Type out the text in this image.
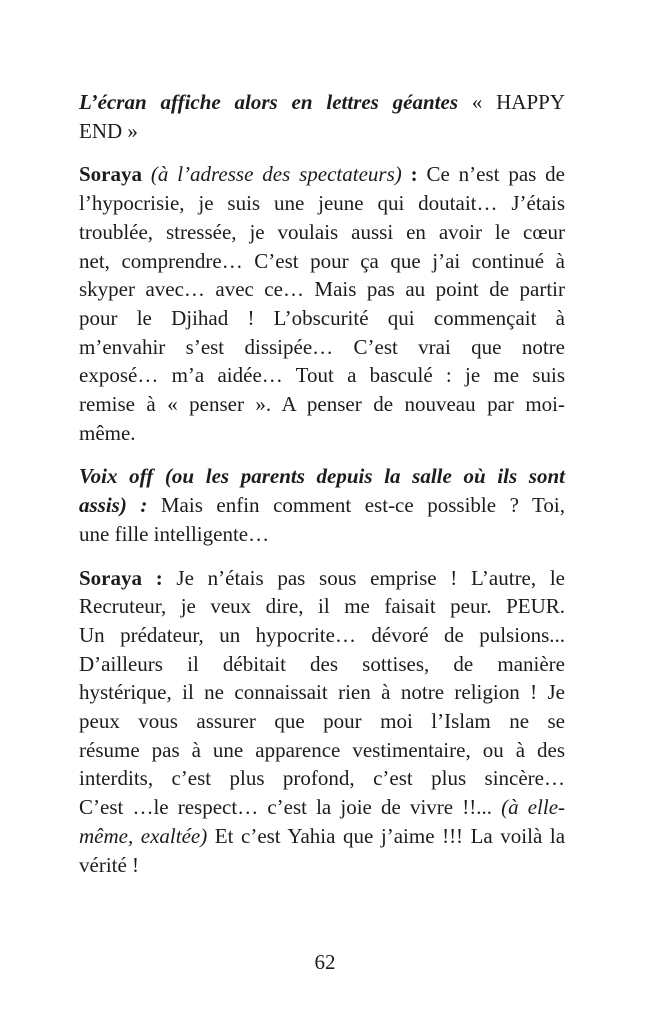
L’écran affiche alors en lettres géantes « HAPPY
END »
Soraya (à l’adresse des spectateurs) : Ce n’est pas de
l’hypocrisie, je suis une jeune qui doutait… J’étais
troublée, stressée, je voulais aussi en avoir le cœur
net, comprendre… C’est pour ça que j’ai continué à
skyper avec… avec ce… Mais pas au point de partir
pour le Djihad ! L’obscurité qui commençait à
m’envahir s’est dissipée… C’est vrai que notre
exposé… m’a aidée… Tout a basculé : je me suis
remise à « penser ». A penser de nouveau par moi-
même.
Voix off (ou les parents depuis la salle où ils sont
assis) : Mais enfin comment est-ce possible ? Toi,
une fille intelligente…
Soraya : Je n’étais pas sous emprise ! L’autre, le
Recruteur, je veux dire, il me faisait peur. PEUR.
Un prédateur, un hypocrite… dévoré de pulsions...
D’ailleurs il débitait des sottises, de manière
hystérique, il ne connaissait rien à notre religion ! Je
peux vous assurer que pour moi l’Islam ne se
résume pas à une apparence vestimentaire, ou à des
interdits, c’est plus profond, c’est plus sincère…
C’est …le respect… c’est la joie de vivre !!... (à elle-
même, exaltée) Et c’est Yahia que j’aime !!! La voilà la
vérité !
62
